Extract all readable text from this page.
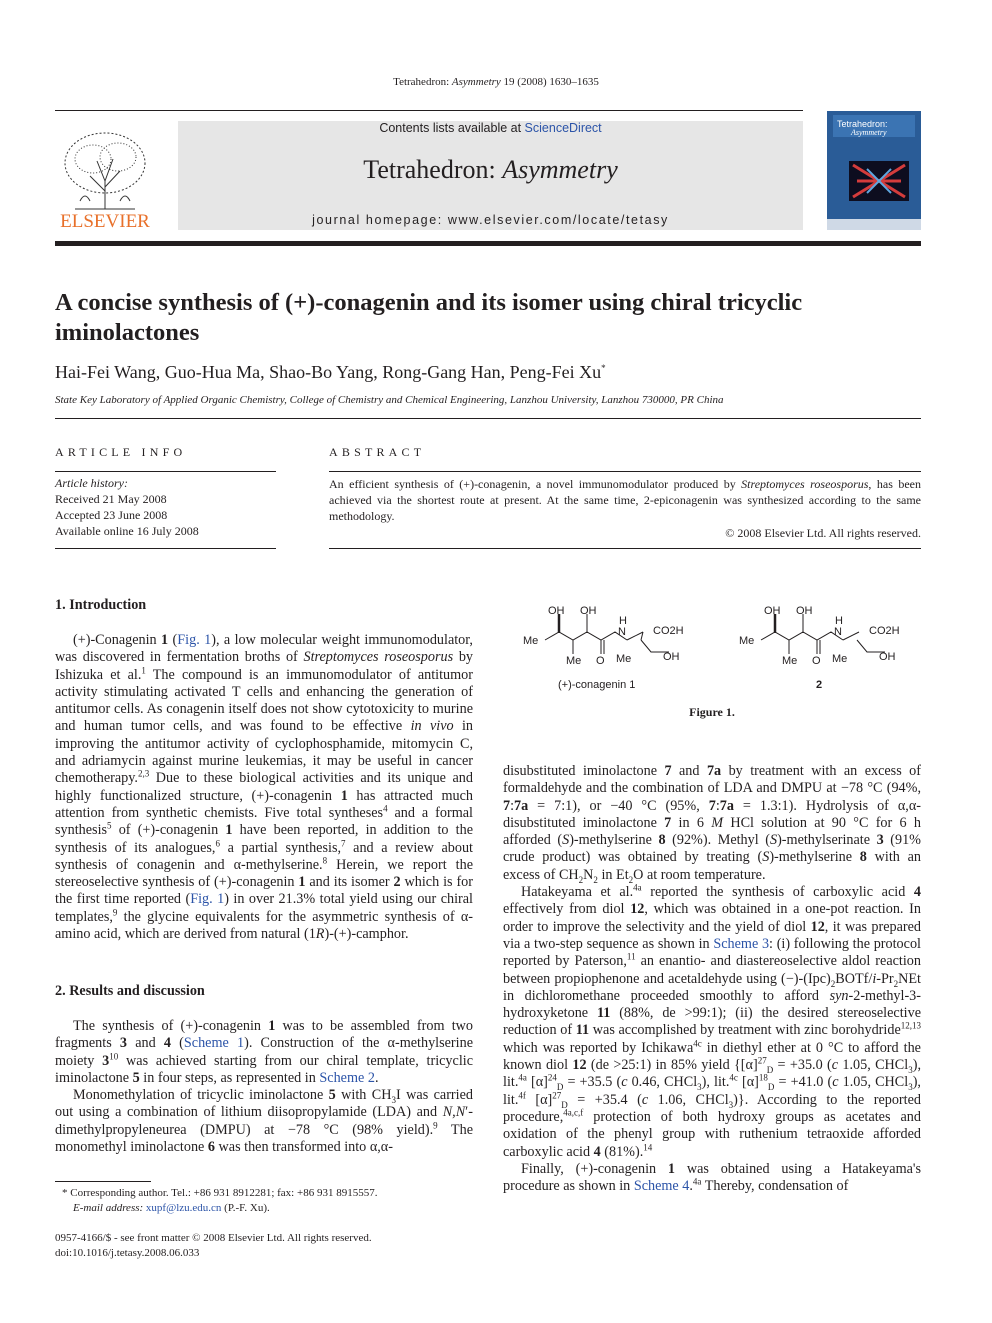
Tetrahedron: Asymmetry 19 (2008) 1630–1635
ELSEVIER
Contents lists available at ScienceDirect
Tetrahedron: Asymmetry
journal homepage: www.elsevier.com/locate/tetasy
Tetrahedron:
Asymmetry
A concise synthesis of (+)-conagenin and its isomer using chiral tricyclic iminolactones
Hai-Fei Wang, Guo-Hua Ma, Shao-Bo Yang, Rong-Gang Han, Peng-Fei Xu*
State Key Laboratory of Applied Organic Chemistry, College of Chemistry and Chemical Engineering, Lanzhou University, Lanzhou 730000, PR China
ARTICLE INFO
Article history:
Received 21 May 2008
Accepted 23 June 2008
Available online 16 July 2008
ABSTRACT
An efficient synthesis of (+)-conagenin, a novel immunomodulator produced by Streptomyces roseosporus, has been achieved via the shortest route at present. At the same time, 2-epiconagenin was synthesized according to the same methodology.
© 2008 Elsevier Ltd. All rights reserved.
1. Introduction

(+)-Conagenin 1 (Fig. 1), a low molecular weight immunomodulator, was discovered in fermentation broths of Streptomyces roseosporus by Ishizuka et al.$^1$ The compound is an immunomodulator of antitumor activity stimulating activated T cells and enhancing the generation of antitumor cells. As conagenin itself does not show cytotoxicity to murine and human tumor cells, and was found to be effective in vivo in improving the antitumor activity of cyclophosphamide, mitomycin C, and adriamycin against murine leukemias, it may be useful in cancer chemotherapy.$^{2,3}$ Due to these biological activities and its unique and highly functionalized structure, (+)-conagenin 1 has attracted much attention from synthetic chemists. Five total syntheses$^4$ and a formal synthesis$^5$ of (+)-conagenin 1 have been reported, in addition to the synthesis of its analogues,$^6$ a partial synthesis,$^7$ and a review about synthesis of conagenin and α-methylserine.$^8$ Herein, we report the stereoselective synthesis of (+)-conagenin 1 and its isomer 2 which is for the first time reported (Fig. 1) in over 21.3% total yield using our chiral templates,$^9$ the glycine equivalents for the asymmetric synthesis of α-amino acid, which are derived from natural (1R)-(+)-camphor.

2. Results and discussion

The synthesis of (+)-conagenin 1 was to be assembled from two fragments 3 and 4 (Scheme 1). Construction of the α-methylserine moiety $3^{10}$ was achieved starting from our chiral template, tricyclic iminolactone 5 in four steps, as represented in Scheme 2.

Monomethylation of tricyclic iminolactone 5 with $CH_3I$ was carried out using a combination of lithium diisopropylamide (LDA) and N,N′-dimethylpropyleneurea (DMPU) at −78 °C (98% yield).$^9$ The monomethyl iminolactone 6 was then transformed into α,α-

* Corresponding author. Tel.: +86 931 8912281; fax: +86 931 8915557.
E-mail address: xupf@lzu.edu.cn (P.-F. Xu).
0957-4166/$ - see front matter © 2008 Elsevier Ltd. All rights reserved.
doi:10.1016/j.tetasy.2008.06.033
OH OH
Me
Me O
H
N CO2H
Me	OH
(+)-conagenin 1
OH OH
Me
Me O
H
N CO2H
Me	OH
2
Figure 1.

disubstituted iminolactone 7 and 7a by treatment with an excess of formaldehyde and the combination of LDA and DMPU at −78 °C (94%, 7:7a = 7:1), or −40 °C (95%, 7:7a = 1.3:1). Hydrolysis of α,α-disubstituted iminolactone 7 in 6 M HCl solution at 90 °C for 6 h afforded (S)-methylserine 8 (92%). Methyl (S)-methylserinate 3 (91% crude product) was obtained by treating (S)-methylserine 8 with an excess of $CH_2N_2$ in $Et_2O$ at room temperature.

Hatakeyama et al.$^{4a}$ reported the synthesis of carboxylic acid 4 effectively from diol 12, which was obtained in a one-pot reaction. In order to improve the selectivity and the yield of diol 12, it was prepared via a two-step sequence as shown in Scheme 3: (i) following the protocol reported by Paterson,$^{11}$ an enantio- and diastereoselective aldol reaction between propiophenone and acetaldehyde using $(-)-(Ipc)_2BOTf/i-Pr_2NEt$ in dichloromethane proceeded smoothly to afford syn-2-methyl-3-hydroxyketone 11 (88%, de >99:1); (ii) the desired stereoselective reduction of 11 was accomplished by treatment with zinc borohydride$^{12,13}$ which was reported by Ichikawa$^{4c}$ in diethyl ether at 0 °C to afford the known diol 12 (de >25:1) in 85% yield {$[\alpha]^{27}_D = +35.0$ (c 1.05, CHCl$_3$), lit.$^{4a}$ $[\alpha]^{24}_D = +35.5$ (c 0.46, CHCl$_3$), lit.$^{4c}$ $[\alpha]^{18}_D = +41.0$ (c 1.05, CHCl$_3$), lit.$^{4f}$ $[\alpha]^{27}_D = +35.4$ (c 1.06, CHCl$_3$)}. According to the reported procedure,$^{4a,c,f}$ protection of both hydroxy groups as acetates and oxidation of the phenyl group with ruthenium tetraoxide afforded carboxylic acid 4 (81%).$^{14}$

Finally, (+)-conagenin 1 was obtained using a Hatakeyama's procedure as shown in Scheme 4.$^{4a}$ Thereby, condensation of
